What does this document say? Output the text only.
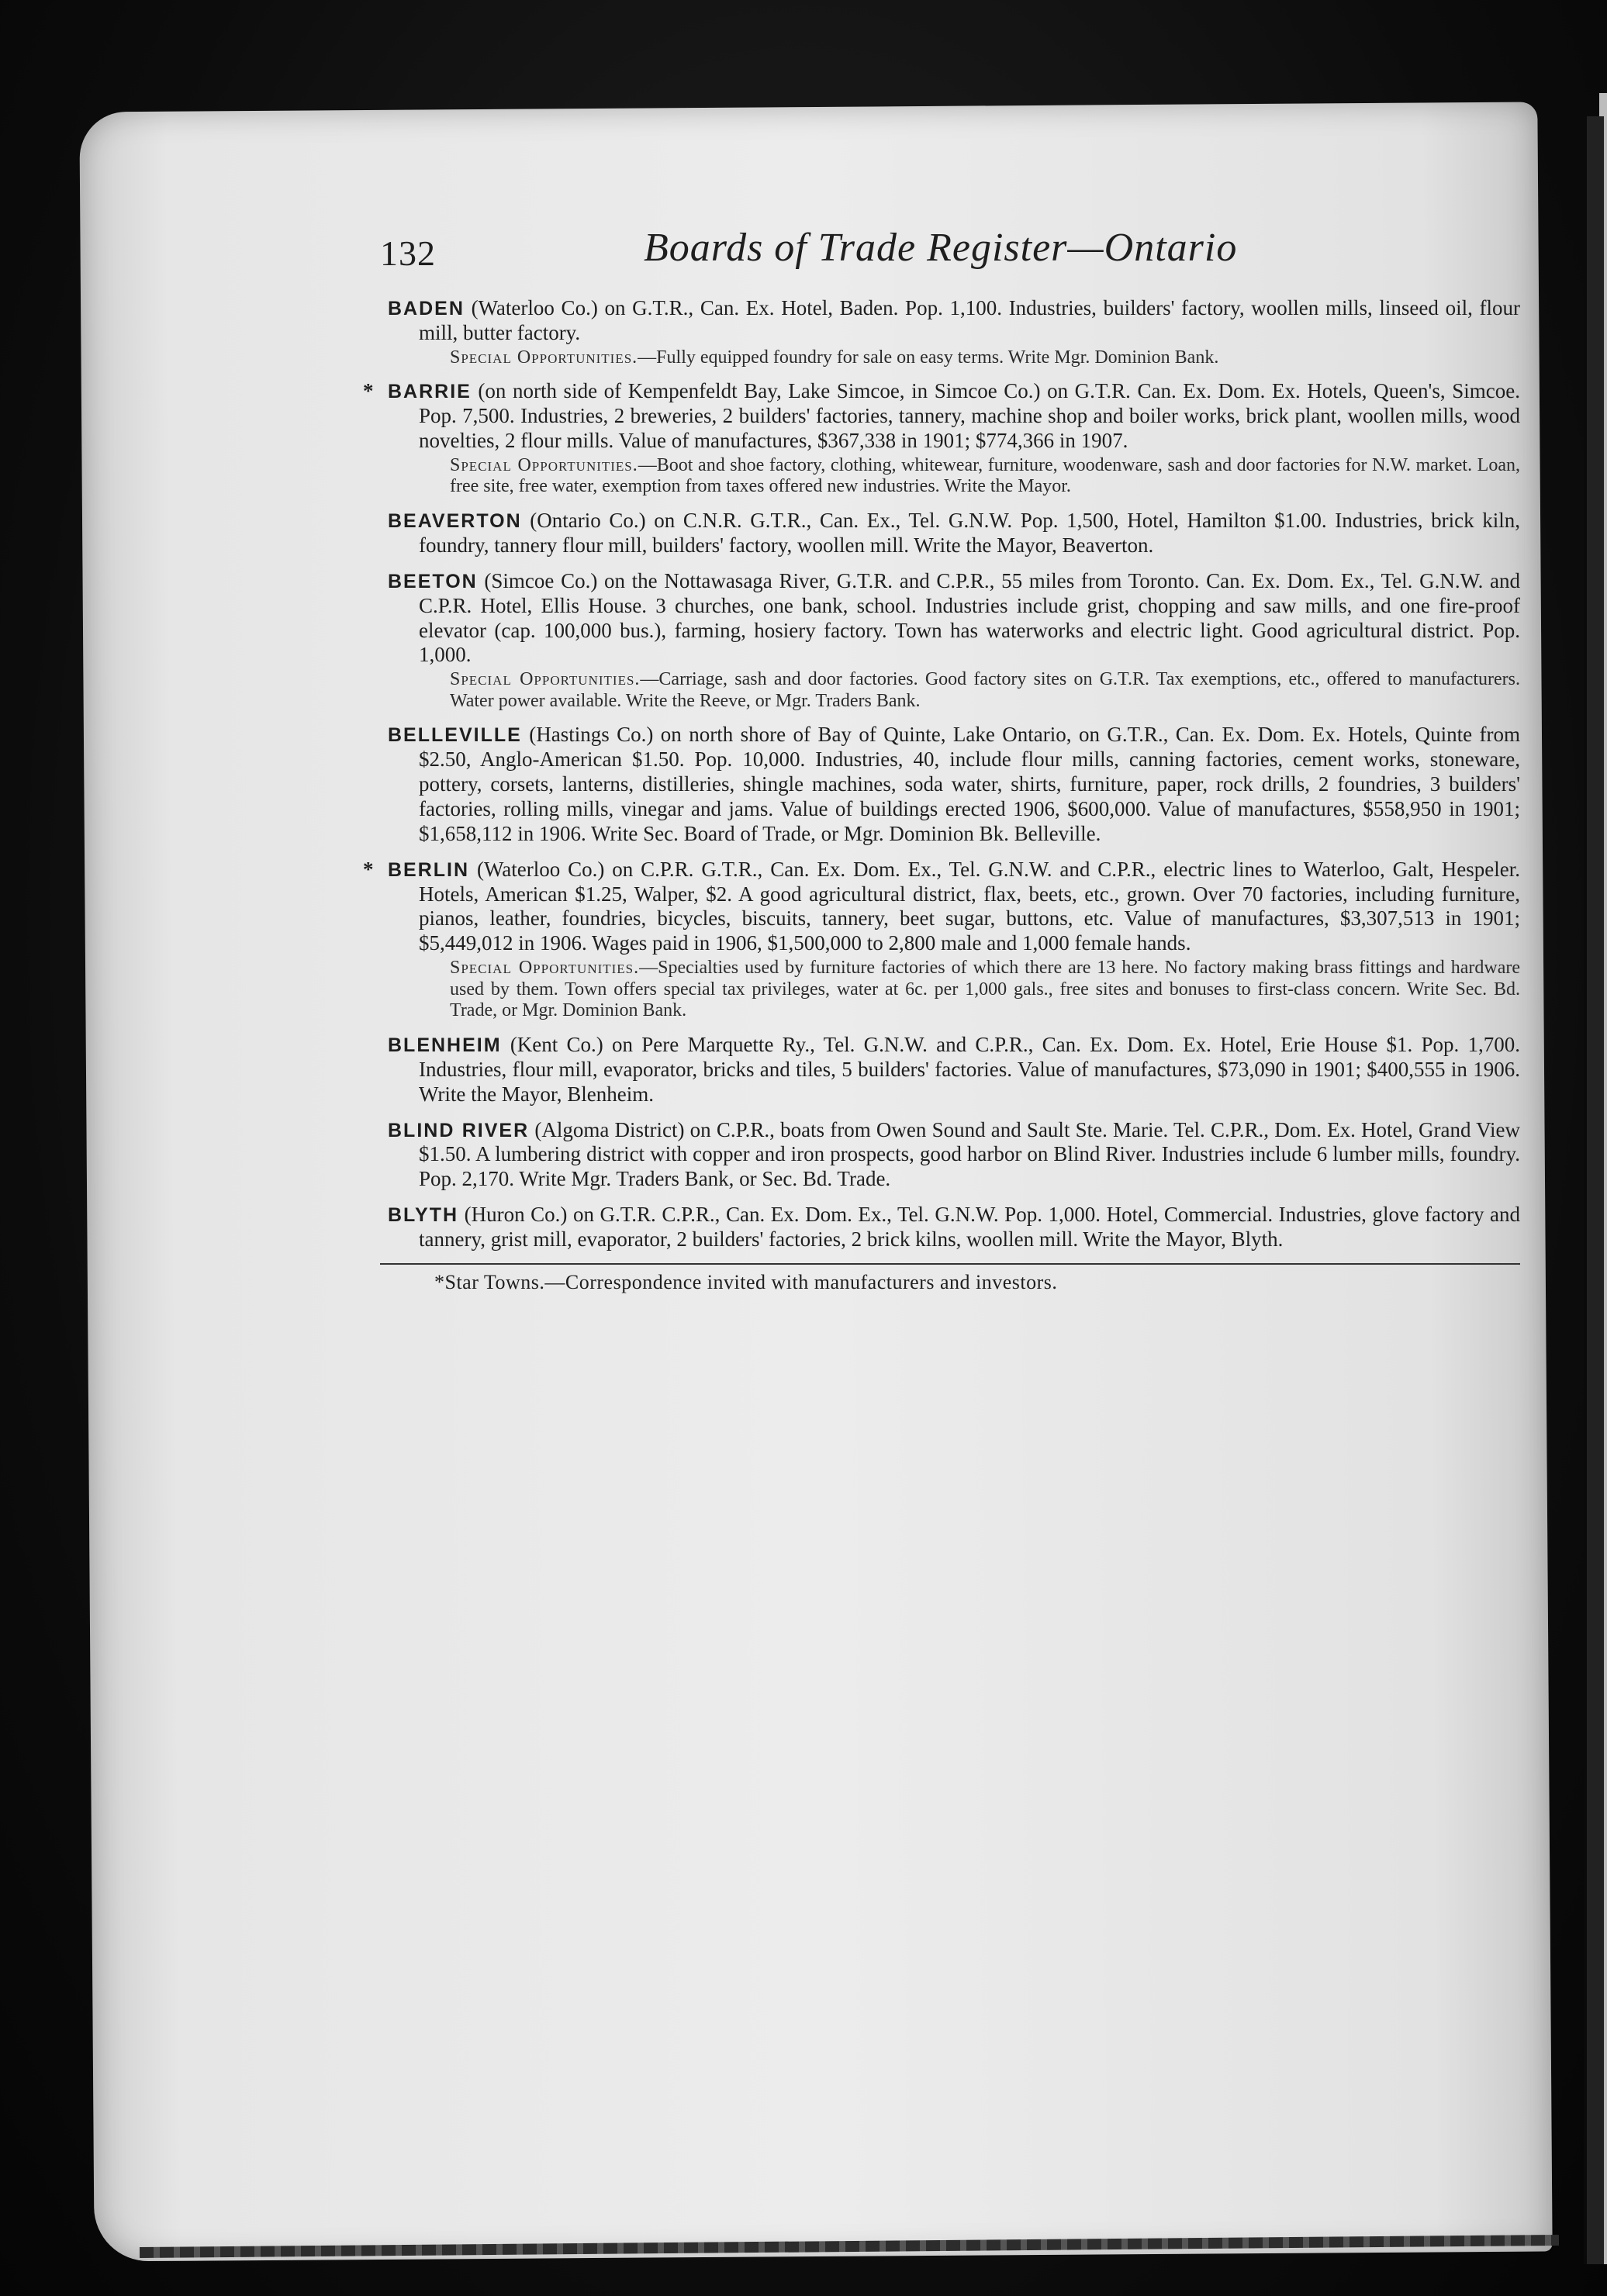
132	Boards of Trade Register—Ontario
BADEN (Waterloo Co.) on G.T.R., Can. Ex. Hotel, Baden. Pop. 1,100. Industries, builders' factory, woollen mills, linseed oil, flour mill, butter factory.
Special Opportunities.—Fully equipped foundry for sale on easy terms. Write Mgr. Dominion Bank.
* BARRIE (on north side of Kempenfeldt Bay, Lake Simcoe, in Simcoe Co.) on G.T.R. Can. Ex. Dom. Ex. Hotels, Queen's, Simcoe. Pop. 7,500. Industries, 2 breweries, 2 builders' factories, tannery, machine shop and boiler works, brick plant, woollen mills, wood novelties, 2 flour mills. Value of manufactures, $367,338 in 1901; $774,366 in 1907.
Special Opportunities.—Boot and shoe factory, clothing, whitewear, furniture, woodenware, sash and door factories for N.W. market. Loan, free site, free water, exemption from taxes offered new industries. Write the Mayor.
BEAVERTON (Ontario Co.) on C.N.R. G.T.R., Can. Ex., Tel. G.N.W. Pop. 1,500, Hotel, Hamilton $1.00. Industries, brick kiln, foundry, tannery flour mill, builders' factory, woollen mill. Write the Mayor, Beaverton.
BEETON (Simcoe Co.) on the Nottawasaga River, G.T.R. and C.P.R., 55 miles from Toronto. Can. Ex. Dom. Ex., Tel. G.N.W. and C.P.R. Hotel, Ellis House. 3 churches, one bank, school. Industries include grist, chopping and saw mills, and one fire-proof elevator (cap. 100,000 bus.), farming, hosiery factory. Town has waterworks and electric light. Good agricultural district. Pop. 1,000.
Special Opportunities.—Carriage, sash and door factories. Good factory sites on G.T.R. Tax exemptions, etc., offered to manufacturers. Water power available. Write the Reeve, or Mgr. Traders Bank.
BELLEVILLE (Hastings Co.) on north shore of Bay of Quinte, Lake Ontario, on G.T.R., Can. Ex. Dom. Ex. Hotels, Quinte from $2.50, Anglo-American $1.50. Pop. 10,000. Industries, 40, include flour mills, canning factories, cement works, stoneware, pottery, corsets, lanterns, distilleries, shingle machines, soda water, shirts, furniture, paper, rock drills, 2 foundries, 3 builders' factories, rolling mills, vinegar and jams. Value of buildings erected 1906, $600,000. Value of manufactures, $558,950 in 1901; $1,658,112 in 1906. Write Sec. Board of Trade, or Mgr. Dominion Bk. Belleville.
* BERLIN (Waterloo Co.) on C.P.R. G.T.R., Can. Ex. Dom. Ex., Tel. G.N.W. and C.P.R., electric lines to Waterloo, Galt, Hespeler. Hotels, American $1.25, Walper, $2. A good agricultural district, flax, beets, etc., grown. Over 70 factories, including furniture, pianos, leather, foundries, bicycles, biscuits, tannery, beet sugar, buttons, etc. Value of manufactures, $3,307,513 in 1901; $5,449,012 in 1906. Wages paid in 1906, $1,500,000 to 2,800 male and 1,000 female hands.
Special Opportunities.—Specialties used by furniture factories of which there are 13 here. No factory making brass fittings and hardware used by them. Town offers special tax privileges, water at 6c. per 1,000 gals., free sites and bonuses to first-class concern. Write Sec. Bd. Trade, or Mgr. Dominion Bank.
BLENHEIM (Kent Co.) on Pere Marquette Ry., Tel. G.N.W. and C.P.R., Can. Ex. Dom. Ex. Hotel, Erie House $1. Pop. 1,700. Industries, flour mill, evaporator, bricks and tiles, 5 builders' factories. Value of manufactures, $73,090 in 1901; $400,555 in 1906. Write the Mayor, Blenheim.
BLIND RIVER (Algoma District) on C.P.R., boats from Owen Sound and Sault Ste. Marie. Tel. C.P.R., Dom. Ex. Hotel, Grand View $1.50. A lumbering district with copper and iron prospects, good harbor on Blind River. Industries include 6 lumber mills, foundry. Pop. 2,170. Write Mgr. Traders Bank, or Sec. Bd. Trade.
BLYTH (Huron Co.) on G.T.R. C.P.R., Can. Ex. Dom. Ex., Tel. G.N.W. Pop. 1,000. Hotel, Commercial. Industries, glove factory and tannery, grist mill, evaporator, 2 builders' factories, 2 brick kilns, woollen mill. Write the Mayor, Blyth.
*Star Towns.—Correspondence invited with manufacturers and investors.
